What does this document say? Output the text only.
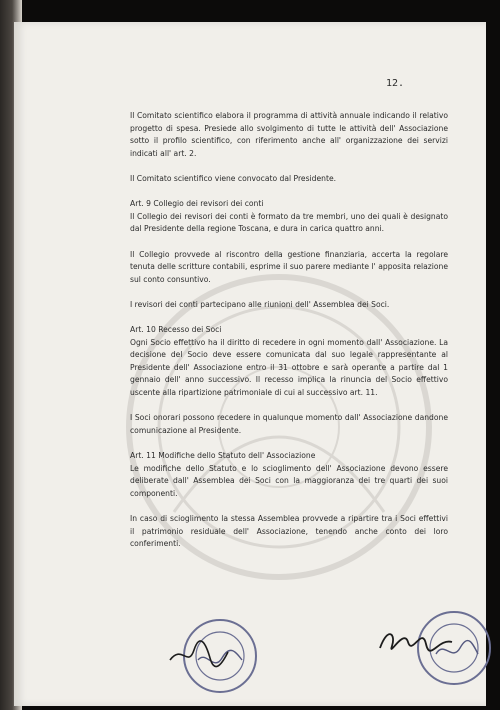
12.

Il Comitato scientifico elabora il programma di attività annuale indicando il relativo progetto di spesa. Presiede allo svolgimento di tutte le attività dell' Associazione sotto il profilo scientifico, con riferimento anche all' organizzazione dei servizi indicati all' art. 2.

Il Comitato scientifico viene convocato dal Presidente.

Art. 9 Collegio dei revisori dei conti

Il Collegio dei revisori dei conti è formato da tre membri, uno dei quali è designato dal Presidente della regione Toscana, e dura in carica quattro anni.

Il Collegio provvede al riscontro della gestione finanziaria, accerta la regolare tenuta delle scritture contabili, esprime il suo parere mediante l' apposita relazione sul conto consuntivo.

I revisori dei conti partecipano alle riunioni dell' Assemblea dei Soci.

Art. 10 Recesso dei Soci

Ogni Socio effettivo ha il diritto di recedere in ogni momento dall' Associazione. La decisione del Socio deve essere comunicata dal suo legale rappresentante al Presidente dell' Associazione entro il 31 ottobre e sarà operante a partire dal 1 gennaio dell' anno successivo. Il recesso implica la rinuncia del Socio effettivo uscente alla ripartizione patrimoniale di cui al successivo art. 11.

I Soci onorari possono recedere in qualunque momento dall' Associazione dandone comunicazione al Presidente.

Art. 11 Modifiche dello Statuto dell' Associazione

Le modifiche dello Statuto e lo scioglimento dell' Associazione devono essere deliberate dall' Assemblea dei Soci con la maggioranza dei tre quarti dei suoi componenti.

In caso di scioglimento la stessa Assemblea provvede a ripartire tra i Soci effettivi il patrimonio residuale dell' Associazione, tenendo anche conto dei loro conferimenti.
